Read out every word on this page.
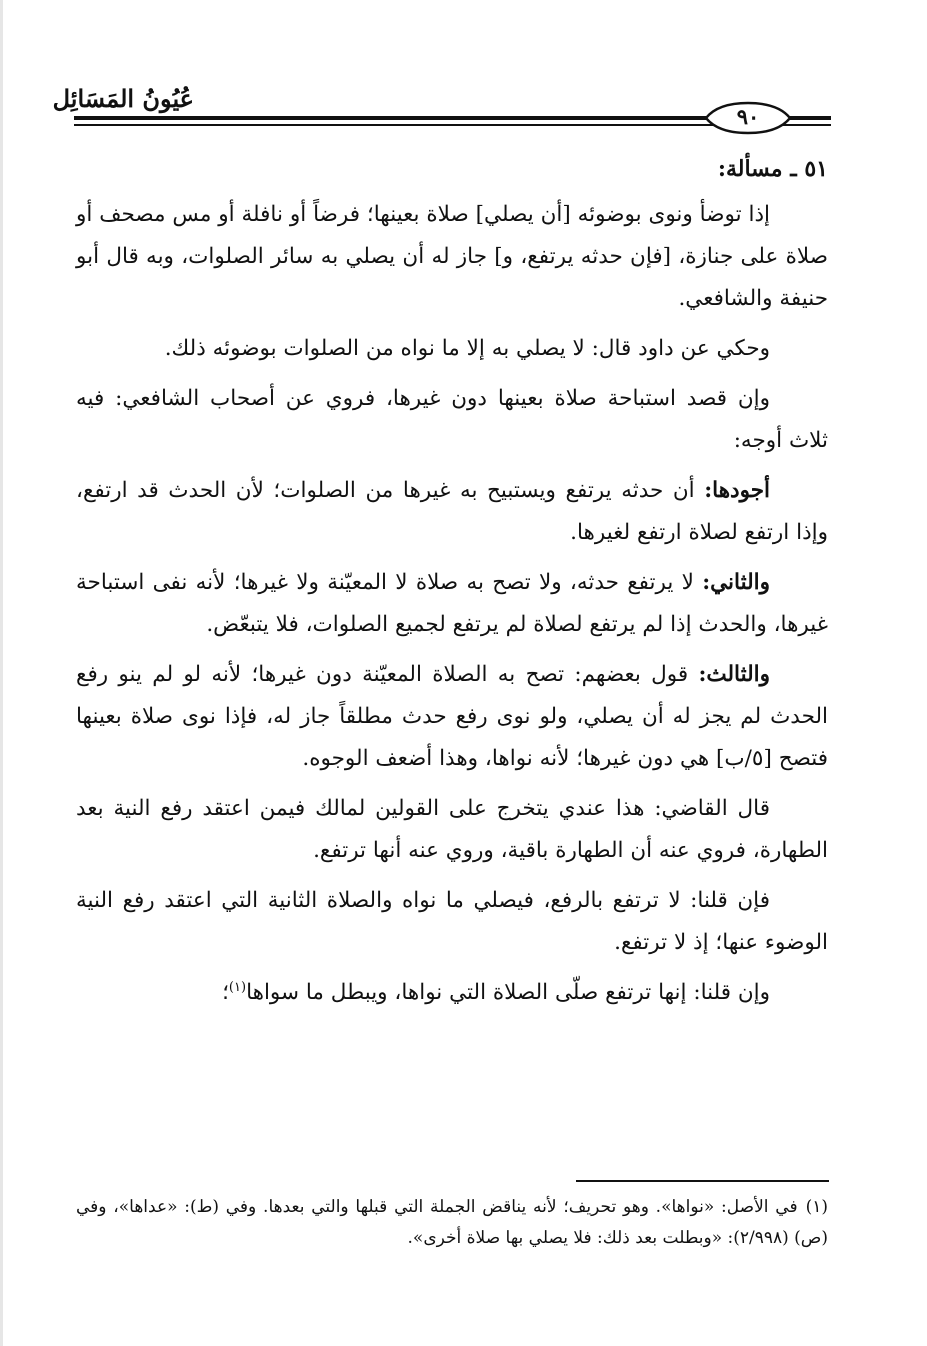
عُيُونُ المَسَائِل
٩٠
٥١ ـ مسألة:

إذا توضأ ونوى بوضوئه [أن يصلي] صلاة بعينها؛ فرضاً أو نافلة أو مس مصحف أو صلاة على جنازة، [فإن حدثه يرتفع، و] جاز له أن يصلي به سائر الصلوات، وبه قال أبو حنيفة والشافعي.

وحكي عن داود قال: لا يصلي به إلا ما نواه من الصلوات بوضوئه ذلك.

وإن قصد استباحة صلاة بعينها دون غيرها، فروي عن أصحاب الشافعي: فيه ثلاث أوجه:

أجودها: أن حدثه يرتفع ويستبيح به غيرها من الصلوات؛ لأن الحدث قد ارتفع، وإذا ارتفع لصلاة ارتفع لغيرها.

والثاني: لا يرتفع حدثه، ولا تصح به صلاة لا المعيّنة ولا غيرها؛ لأنه نفى استباحة غيرها، والحدث إذا لم يرتفع لصلاة لم يرتفع لجميع الصلوات، فلا يتبعّض.

والثالث: قول بعضهم: تصح به الصلاة المعيّنة دون غيرها؛ لأنه لو لم ينو رفع الحدث لم يجز له أن يصلي، ولو نوى رفع حدث مطلقاً جاز له، فإذا نوى صلاة بعينها فتصح [٥/ب] هي دون غيرها؛ لأنه نواها، وهذا أضعف الوجوه.

قال القاضي: هذا عندي يتخرج على القولين لمالك فيمن اعتقد رفع النية بعد الطهارة، فروي عنه أن الطهارة باقية، وروي عنه أنها ترتفع.

فإن قلنا: لا ترتفع بالرفع، فيصلي ما نواه والصلاة الثانية التي اعتقد رفع النية الوضوء عنها؛ إذ لا ترتفع.

وإن قلنا: إنها ترتفع صلّى الصلاة التي نواها، ويبطل ما سواها$^{(١)}$؛

(١)في الأصل: «نواها». وهو تحريف؛ لأنه يناقض الجملة التي قبلها والتي بعدها. وفي (ط): «عداها»، وفي (ص) (٢/٩٩٨): «وبطلت بعد ذلك: فلا يصلي بها صلاة أخرى».
